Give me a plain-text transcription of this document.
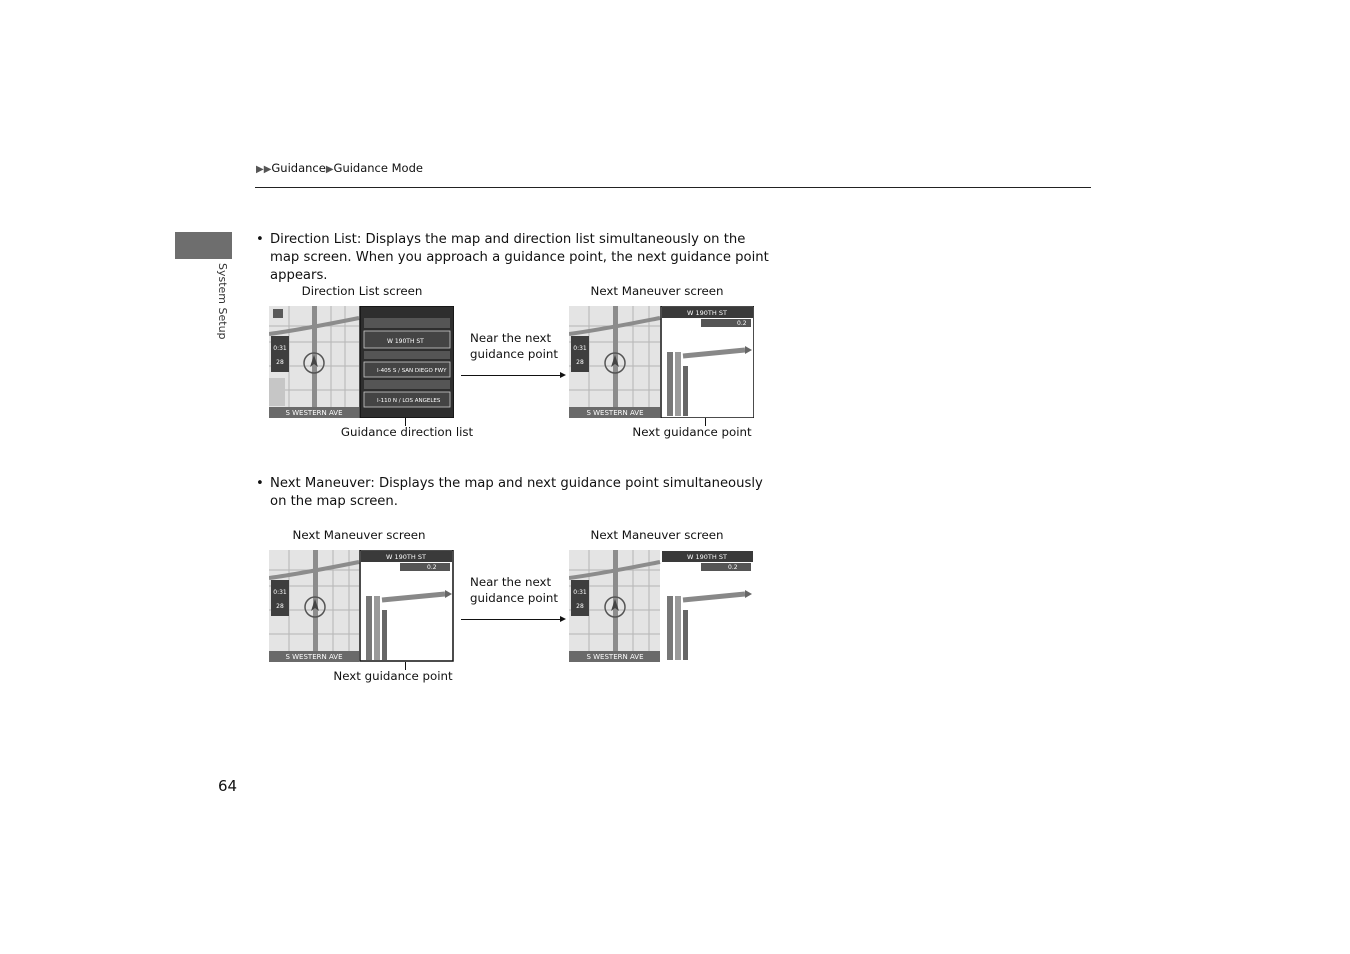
▶▶Guidance▶Guidance Mode
System Setup
• Direction List: Displays the map and direction list simultaneously on the map screen. When you approach a guidance point, the next guidance point appears.
Direction List screen	Next Maneuver screen
0:31
28
S WESTERN AVE
W 190TH ST
I-405 S / SAN DIEGO FWY
I-110 N / LOS ANGELES
Near the next
guidance point	0:31
28
S WESTERN AVE
W 190TH ST
0.2
Guidance direction list	Next guidance point
• Next Maneuver: Displays the map and next guidance point simultaneously on the map screen.
Next Maneuver screen	Next Maneuver screen
0:31
28
S WESTERN AVE
W 190TH ST
0.2
Near the next
guidance point	0:31
28
S WESTERN AVE
W 190TH ST
0.2
Next guidance point
64
